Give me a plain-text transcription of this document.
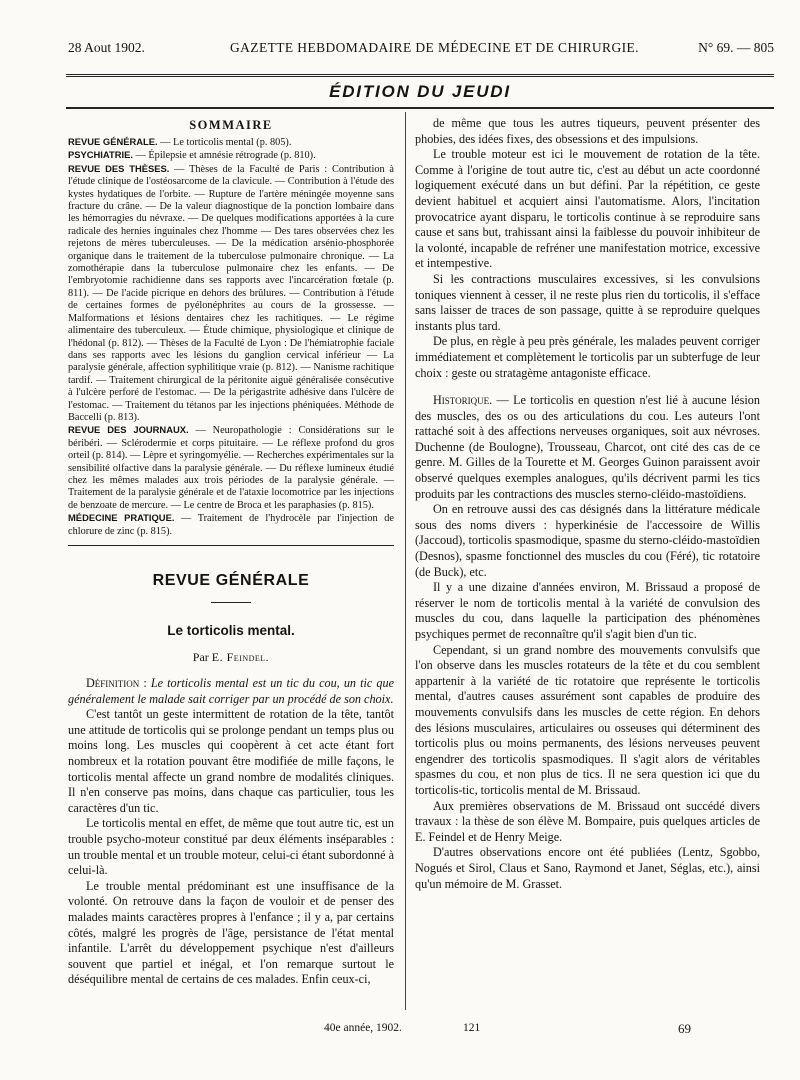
28 Aout 1902.	GAZETTE HEBDOMADAIRE DE MÉDECINE ET DE CHIRURGIE.	N° 69. — 805
ÉDITION DU JEUDI
SOMMAIRE

REVUE GÉNÉRALE. — Le torticolis mental (p. 805).

PSYCHIATRIE. — Épilepsie et amnésie rétrograde (p. 810).

REVUE DES THÈSES. — Thèses de la Faculté de Paris : Contribution à l'étude clinique de l'ostéosarcome de la clavicule. — Contribution à l'étude des kystes hydatiques de l'orbite. — Rupture de l'artère méningée moyenne sans fracture du crâne. — De la valeur diagnostique de la ponction lombaire dans les hémorragies du névraxe. — De quelques modifications apportées à la cure radicale des hernies inguinales chez l'homme — Des tares observées chez les rejetons de mères tuberculeuses. — De la médication arsénio-phosphorée organique dans le traitement de la tuberculose pulmonaire chronique. — La zomothérapie dans la tuberculose pulmonaire chez les enfants. — De l'embryotomie rachidienne dans ses rapports avec l'incarcération fœtale (p. 811). — De l'acide picrique en dehors des brûlures. — Contribution à l'étude de certaines formes de pyélonéphrites au cours de la grossesse. — Malformations et lésions dentaires chez les rachitiques. — Le régime alimentaire des tuberculeux. — Étude chimique, physiologique et clinique de l'hédonal (p. 812). — Thèses de la Faculté de Lyon : De l'hémiatrophie faciale dans ses rapports avec les lésions du ganglion cervical inférieur — La paralysie générale, affection syphilitique vraie (p. 812). — Nanisme rachitique tardif. — Traitement chirurgical de la péritonite aiguë généralisée consécutive à l'ulcère perforé de l'estomac. — De la périgastrite adhésive dans l'ulcère de l'estomac. — Traitement du tétanos par les injections phéniquées. Méthode de Baccelli (p. 813).

REVUE DES JOURNAUX. — Neuropathologie : Considérations sur le béribéri. — Sclérodermie et corps pituitaire. — Le réflexe profond du gros orteil (p. 814). — Lèpre et syringomyélie. — Recherches expérimentales sur la sensibilité olfactive dans la paralysie générale. — Du réflexe lumineux étudié chez les mêmes malades aux trois périodes de la paralysie générale. — Traitement de la paralysie générale et de l'ataxie locomotrice par les injections de benzoate de mercure. — Le centre de Broca et les paraphasies (p. 815).

MÉDECINE PRATIQUE. — Traitement de l'hydrocèle par l'injection de chlorure de zinc (p. 815).

REVUE GÉNÉRALE
Le torticolis mental.
Par E. Feindel.

Définition : Le torticolis mental est un tic du cou, un tic que généralement le malade sait corriger par un procédé de son choix.

C'est tantôt un geste intermittent de rotation de la tête, tantôt une attitude de torticolis qui se prolonge pendant un temps plus ou moins long. Les muscles qui coopèrent à cet acte étant fort nombreux et la rotation pouvant être modifiée de mille façons, le torticolis mental affecte un grand nombre de modalités cliniques. Il n'en conserve pas moins, dans chaque cas particulier, tous les caractères d'un tic.

Le torticolis mental en effet, de même que tout autre tic, est un trouble psycho-moteur constitué par deux éléments inséparables : un trouble mental et un trouble moteur, celui-ci étant subordonné à celui-là.

Le trouble mental prédominant est une insuffisance de la volonté. On retrouve dans la façon de vouloir et de penser des malades maints caractères propres à l'enfance ; il y a, par certains côtés, malgré les progrès de l'âge, persistance de l'état mental infantile. L'arrêt du développement psychique n'est d'ailleurs souvent que partiel et inégal, et l'on remarque surtout le déséquilibre mental de certains de ces malades. Enfin ceux-ci,

de même que tous les autres tiqueurs, peuvent présenter des phobies, des idées fixes, des obsessions et des impulsions.

Le trouble moteur est ici le mouvement de rotation de la tête. Comme à l'origine de tout autre tic, c'est au début un acte coordonné logiquement exécuté dans un but défini. Par la répétition, ce geste devient habituel et acquiert ainsi l'automatisme. Alors, l'incitation provocatrice ayant disparu, le torticolis continue à se reproduire sans cause et sans but, trahissant ainsi la faiblesse du pouvoir inhibiteur de la volonté, incapable de refréner une manifestation motrice, excessive et intempestive.

Si les contractions musculaires excessives, si les convulsions toniques viennent à cesser, il ne reste plus rien du torticolis, il s'efface sans laisser de traces de son passage, quitte à se reproduire quelques instants plus tard.

De plus, en règle à peu près générale, les malades peuvent corriger immédiatement et complètement le torticolis par un subterfuge de leur choix : geste ou stratagème antagoniste efficace.

Historique. — Le torticolis en question n'est lié à aucune lésion des muscles, des os ou des articulations du cou. Les auteurs l'ont rattaché soit à des affections nerveuses organiques, soit aux névroses. Duchenne (de Boulogne), Trousseau, Charcot, ont cité des cas de ce genre. M. Gilles de la Tourette et M. Georges Guinon paraissent avoir observé quelques exemples analogues, qu'ils décrivent parmi les tics produits par les contractions des muscles sterno-cléido-mastoïdiens.

On en retrouve aussi des cas désignés dans la littérature médicale sous des noms divers : hyperkinésie de l'accessoire de Willis (Jaccoud), torticolis spasmodique, spasme du sterno-cléido-mastoïdien (Desnos), spasme fonctionnel des muscles du cou (Féré), tic rotatoire (de Buck), etc.

Il y a une dizaine d'années environ, M. Brissaud a proposé de réserver le nom de torticolis mental à la variété de convulsion des muscles du cou, dans laquelle la participation des phénomènes psychiques permet de reconnaître qu'il s'agit bien d'un tic.

Cependant, si un grand nombre des mouvements convulsifs que l'on observe dans les muscles rotateurs de la tête et du cou semblent appartenir à la variété de tic rotatoire que représente le torticolis mental, d'autres causes assurément sont capables de produire des mouvements convulsifs dans les muscles de cette région. En dehors des lésions musculaires, articulaires ou osseuses qui déterminent des torticolis plus ou moins permanents, des lésions nerveuses peuvent engendrer des torticolis spasmodiques. Il s'agit alors de véritables spasmes du cou, et non plus de tics. Il ne sera question ici que du torticolis-tic, torticolis mental de M. Brissaud.

Aux premières observations de M. Brissaud ont succédé divers travaux : la thèse de son élève M. Bompaire, puis quelques articles de E. Feindel et de Henry Meige.

D'autres observations encore ont été publiées (Lentz, Sgobbo, Nogués et Sirol, Claus et Sano, Raymond et Janet, Séglas, etc.), ainsi qu'un mémoire de M. Grasset.

40e année, 1902.	121	69
